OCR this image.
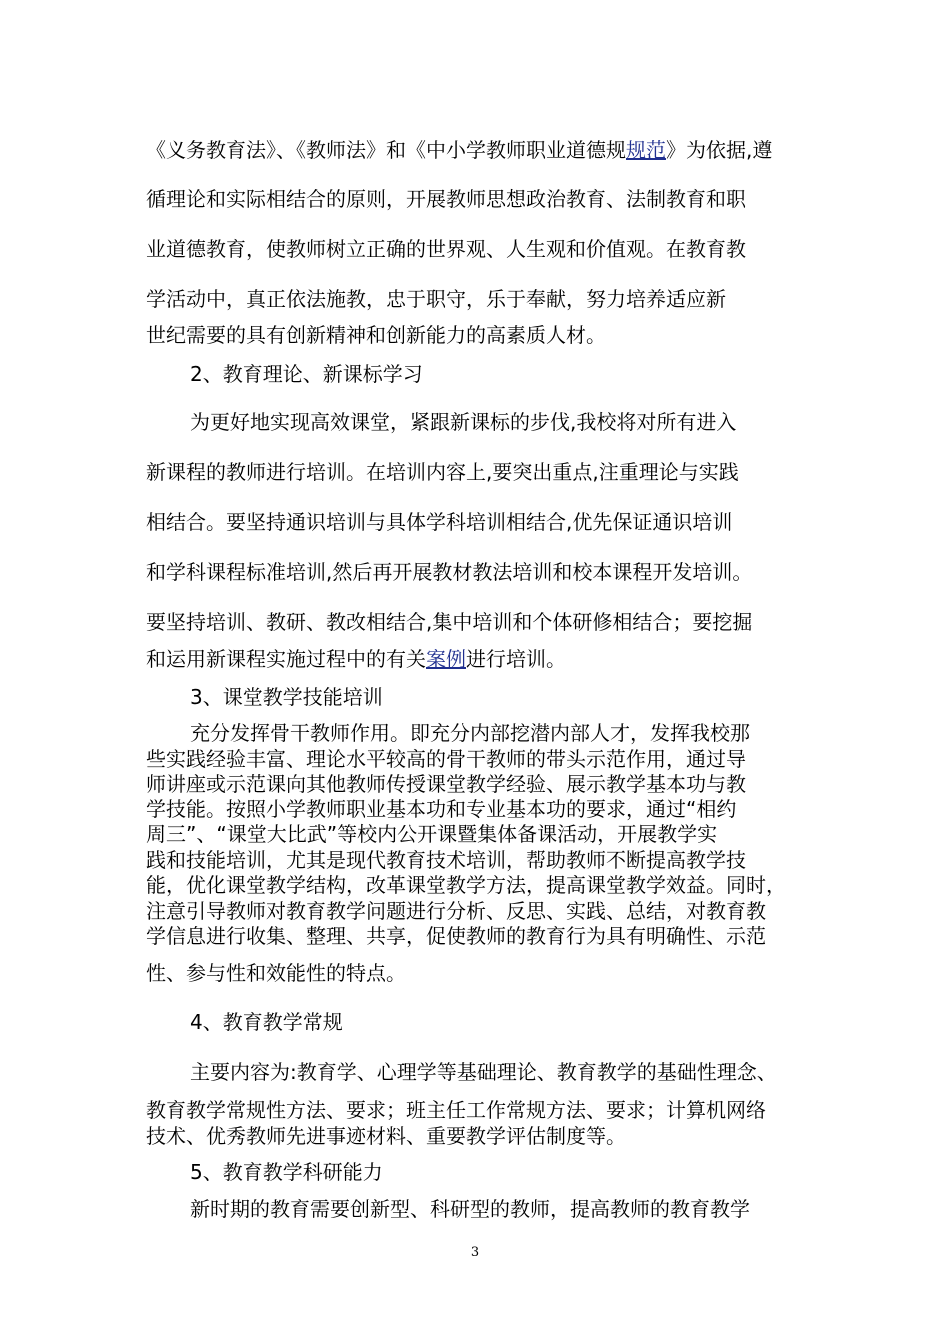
《义务教育法》、《教师法》和《中小学教师职业道德规规范》为依据,遵

循理论和实际相结合的原则，开展教师思想政治教育、法制教育和职

业道德教育，使教师树立正确的世界观、人生观和价值观。在教育教

学活动中，真正依法施教，忠于职守，乐于奉献，努力培养适应新

世纪需要的具有创新精神和创新能力的高素质人材。

2、教育理论、新课标学习

为更好地实现高效课堂，紧跟新课标的步伐,我校将对所有进入

新课程的教师进行培训。在培训内容上,要突出重点,注重理论与实践

相结合。要坚持通识培训与具体学科培训相结合,优先保证通识培训

和学科课程标准培训,然后再开展教材教法培训和校本课程开发培训。

要坚持培训、教研、教改相结合,集中培训和个体研修相结合；要挖掘

和运用新课程实施过程中的有关案例进行培训。

3、课堂教学技能培训

充分发挥骨干教师作用。即充分内部挖潜内部人才，发挥我校那

些实践经验丰富、理论水平较高的骨干教师的带头示范作用，通过导

师讲座或示范课向其他教师传授课堂教学经验、展示教学基本功与教

学技能。按照小学教师职业基本功和专业基本功的要求，通过“相约

周三”、“课堂大比武”等校内公开课暨集体备课活动，开展教学实

践和技能培训，尤其是现代教育技术培训，帮助教师不断提高教学技

能，优化课堂教学结构，改革课堂教学方法，提高课堂教学效益。同时，

注意引导教师对教育教学问题进行分析、反思、实践、总结，对教育教

学信息进行收集、整理、共享，促使教师的教育行为具有明确性、示范

性、参与性和效能性的特点。

4、教育教学常规

主要内容为:教育学、心理学等基础理论、教育教学的基础性理念、

教育教学常规性方法、要求；班主任工作常规方法、要求；计算机网络

技术、优秀教师先进事迹材料、重要教学评估制度等。

5、教育教学科研能力

新时期的教育需要创新型、科研型的教师，提高教师的教育教学

3
